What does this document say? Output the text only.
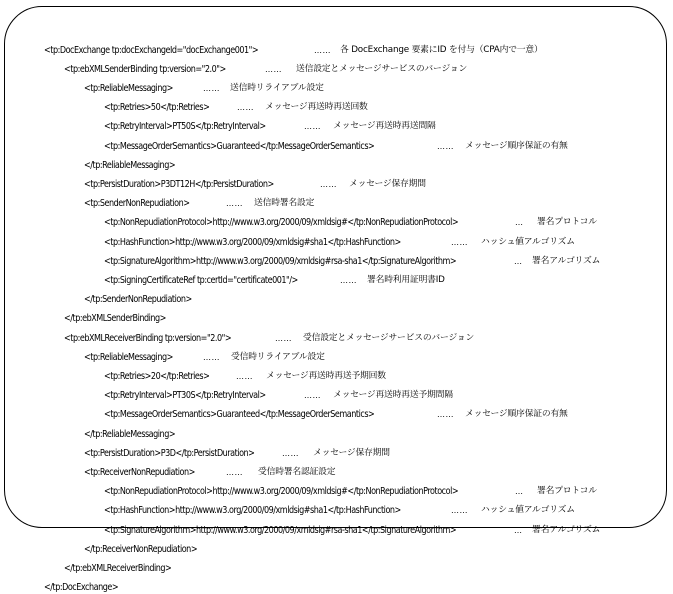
<tp:DocExchange tp:docExchangeId="docExchange001">	…… 各 DocExchange 要素にID を付与（CPA内で一意）
<tp:ebXMLSenderBinding tp:version="2.0">	…… 送信設定とメッセージサービスのバージョン
<tp:ReliableMessaging>	…… 送信時リライアブル設定
<tp:Retries>50</tp:Retries>	…… メッセージ再送時再送回数
<tp:RetryInterval>PT50S</tp:RetryInterval>	…… メッセージ再送時再送間隔
<tp:MessageOrderSemantics>Guaranteed</tp:MessageOrderSemantics>	…… メッセージ順序保証の有無
</tp:ReliableMessaging>
<tp:PersistDuration>P3DT12H</tp:PersistDuration>	…… メッセージ保存期間
<tp:SenderNonRepudiation>	…… 送信時署名設定
<tp:NonRepudiationProtocol>http://www.w3.org/2000/09/xmldsig#</tp:NonRepudiationProtocol>	… 署名プロトコル
<tp:HashFunction>http://www.w3.org/2000/09/xmldsig#sha1</tp:HashFunction>	…… ハッシュ値アルゴリズム
<tp:SignatureAlgorithm>http://www.w3.org/2000/09/xmldsig#rsa-sha1</tp:SignatureAlgorithm>	… 署名アルゴリズム
<tp:SigningCertificateRef tp:certId="certificate001"/>	…… 署名時利用証明書ID
</tp:SenderNonRepudiation>
</tp:ebXMLSenderBinding>
<tp:ebXMLReceiverBinding tp:version="2.0">	…… 受信設定とメッセージサービスのバージョン
<tp:ReliableMessaging>	…… 受信時リライアブル設定
<tp:Retries>20</tp:Retries>	…… メッセージ再送時再送予期回数
<tp:RetryInterval>PT30S</tp:RetryInterval>	…… メッセージ再送時再送予期間隔
<tp:MessageOrderSemantics>Guaranteed</tp:MessageOrderSemantics>	…… メッセージ順序保証の有無
</tp:ReliableMessaging>
<tp:PersistDuration>P3D</tp:PersistDuration>	…… メッセージ保存期間
<tp:ReceiverNonRepudiation>	…… 受信時署名認証設定
<tp:NonRepudiationProtocol>http://www.w3.org/2000/09/xmldsig#</tp:NonRepudiationProtocol>	… 署名プロトコル
<tp:HashFunction>http://www.w3.org/2000/09/xmldsig#sha1</tp:HashFunction>	…… ハッシュ値アルゴリズム
<tp:SignatureAlgorithm>http://www.w3.org/2000/09/xmldsig#rsa-sha1</tp:SignatureAlgorithm>	… 署名アルゴリズム
</tp:ReceiverNonRepudiation>
</tp:ebXMLReceiverBinding>
</tp:DocExchange>
